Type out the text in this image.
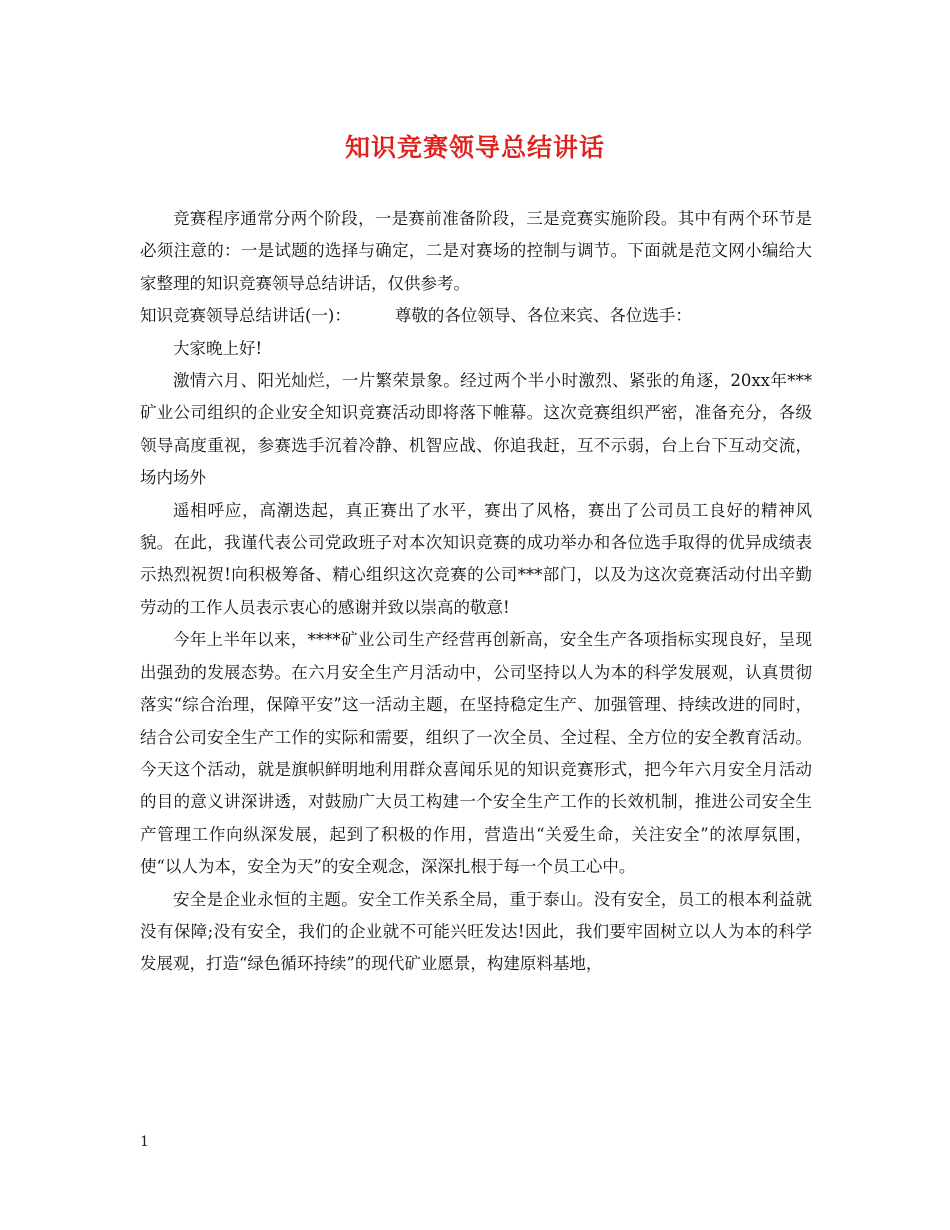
知识竞赛领导总结讲话

竞赛程序通常分两个阶段，一是赛前准备阶段，三是竞赛实施阶段。其中有两个环节是必须注意的：一是试题的选择与确定，二是对赛场的控制与调节。下面就是范文网小编给大家整理的知识竞赛领导总结讲话，仅供参考。

知识竞赛领导总结讲话(一)：	尊敬的各位领导、各位来宾、各位选手：

大家晚上好!

激情六月、阳光灿烂，一片繁荣景象。经过两个半小时激烈、紧张的角逐，20xx年***矿业公司组织的企业安全知识竞赛活动即将落下帷幕。这次竞赛组织严密，准备充分，各级领导高度重视，参赛选手沉着冷静、机智应战、你追我赶，互不示弱，台上台下互动交流，场内场外

遥相呼应，高潮迭起，真正赛出了水平，赛出了风格，赛出了公司员工良好的精神风貌。在此，我谨代表公司党政班子对本次知识竞赛的成功举办和各位选手取得的优异成绩表示热烈祝贺!向积极筹备、精心组织这次竞赛的公司***部门，以及为这次竞赛活动付出辛勤劳动的工作人员表示衷心的感谢并致以崇高的敬意!

今年上半年以来，****矿业公司生产经营再创新高，安全生产各项指标实现良好，呈现出强劲的发展态势。在六月安全生产月活动中，公司坚持以人为本的科学发展观，认真贯彻落实“综合治理，保障平安”这一活动主题，在坚持稳定生产、加强管理、持续改进的同时，结合公司安全生产工作的实际和需要，组织了一次全员、全过程、全方位的安全教育活动。今天这个活动，就是旗帜鲜明地利用群众喜闻乐见的知识竞赛形式，把今年六月安全月活动的目的意义讲深讲透，对鼓励广大员工构建一个安全生产工作的长效机制，推进公司安全生产管理工作向纵深发展，起到了积极的作用，营造出“关爱生命，关注安全”的浓厚氛围，使“以人为本，安全为天”的安全观念，深深扎根于每一个员工心中。

安全是企业永恒的主题。安全工作关系全局，重于泰山。没有安全，员工的根本利益就没有保障;没有安全，我们的企业就不可能兴旺发达!因此，我们要牢固树立以人为本的科学发展观，打造“绿色循环持续”的现代矿业愿景，构建原料基地，

1
